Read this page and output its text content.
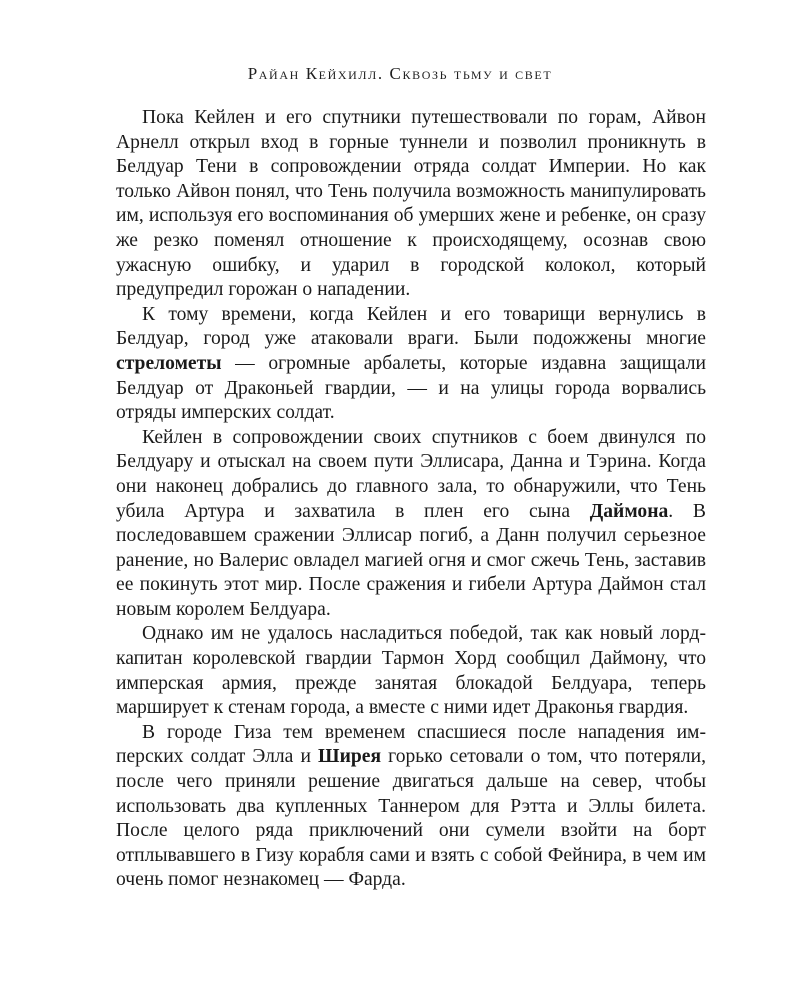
Райан Кейхилл. Сквозь тьму и свет

Пока Кейлен и его спутники путешествовали по горам, Айвон Арнелл открыл вход в горные туннели и позволил проникнуть в Белдуар Тени в сопровождении отряда солдат Империи. Но как только Айвон понял, что Тень получила возможность манипулировать им, используя его воспоминания об умерших жене и ребенке, он сразу же резко поменял отношение к происходящему, осознав свою ужасную ошибку, и ударил в городской колокол, который предупредил горожан о нападении.

К тому времени, когда Кейлен и его товарищи вернулись в Белдуар, город уже атаковали враги. Были подожжены многие стрелометы — огромные арбалеты, которые издавна защищали Белдуар от Драконьей гвардии, — и на улицы города ворвались отряды имперских солдат.

Кейлен в сопровождении своих спутников с боем двинулся по Белдуару и отыскал на своем пути Эллисара, Данна и Тэрина. Когда они наконец добрались до главного зала, то обнаружили, что Тень убила Артура и захватила в плен его сына Даймона. В последовавшем сражении Эллисар погиб, а Данн получил серьезное ранение, но Валерис овладел магией огня и смог сжечь Тень, заставив ее покинуть этот мир. После сражения и гибели Артура Даймон стал новым королем Белдуара.

Однако им не удалось насладиться победой, так как новый лорд-капитан королевской гвардии Тармон Хорд сообщил Даймону, что имперская армия, прежде занятая блокадой Белдуара, теперь марширует к стенам города, а вместе с ними идет Драконья гвардия.

В городе Гиза тем временем спасшиеся после нападения имперских солдат Элла и Ширея горько сетовали о том, что потеряли, после чего приняли решение двигаться дальше на север, чтобы использовать два купленных Таннером для Рэтта и Эллы билета. После целого ряда приключений они сумели взойти на борт отплывавшего в Гизу корабля сами и взять с собой Фейнира, в чем им очень помог незнакомец — Фарда.
